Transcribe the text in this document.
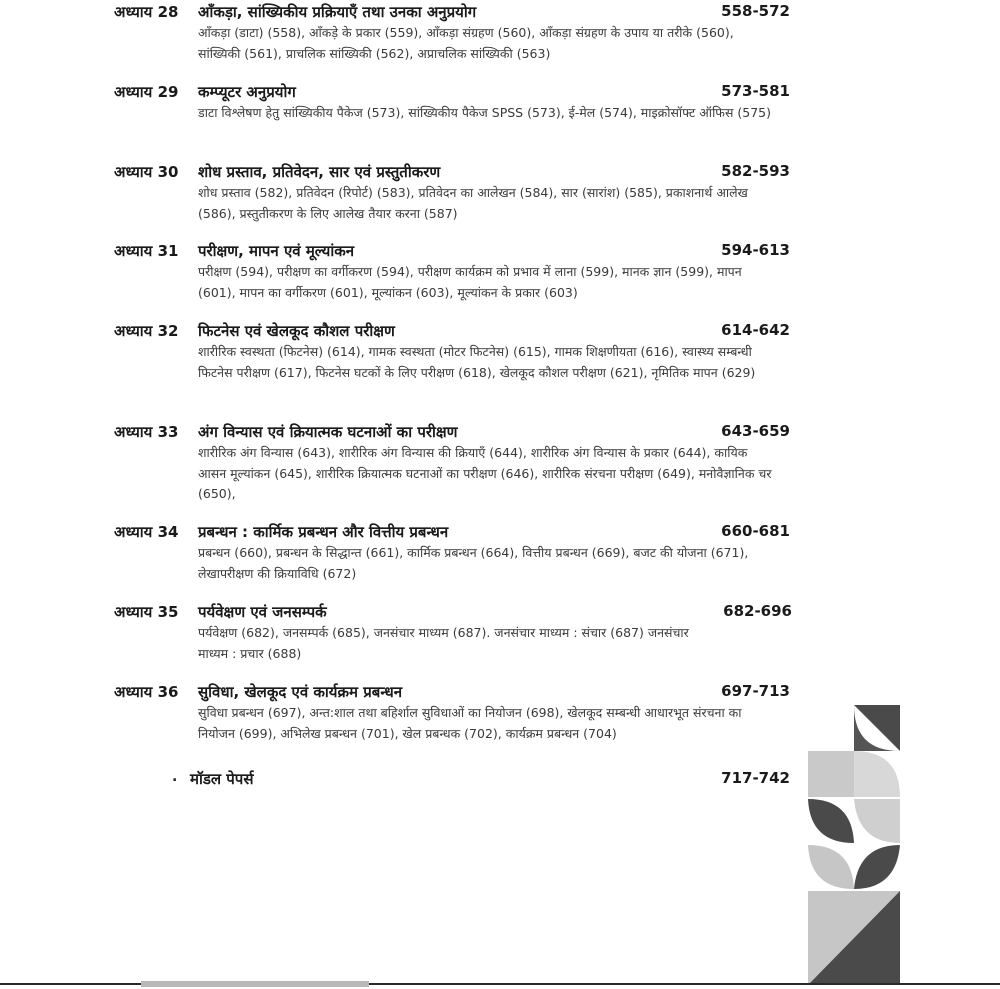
अध्याय 28 आँकड़ा, सांख्यिकीय प्रक्रियाएँ तथा उनका अनुप्रयोग	558-572
आँकड़ा (डाटा) (558), आँकड़े के प्रकार (559), आँकड़ा संग्रहण (560), आँकड़ा संग्रहण के उपाय या तरीके (560), सांख्यिकी (561), प्राचलिक सांख्यिकी (562), अप्राचलिक सांख्यिकी (563)
अध्याय 29 कम्प्यूटर अनुप्रयोग	573-581
डाटा विश्लेषण हेतु सांख्यिकीय पैकेज (573), सांख्यिकीय पैकेज SPSS (573), ई-मेल (574), माइक्रोसॉफ्ट ऑफिस (575)
अध्याय 30 शोध प्रस्ताव, प्रतिवेदन, सार एवं प्रस्तुतीकरण	582-593
शोध प्रस्ताव (582), प्रतिवेदन (रिपोर्ट) (583), प्रतिवेदन का आलेखन (584), सार (सारांश) (585), प्रकाशनार्थ आलेख (586), प्रस्तुतीकरण के लिए आलेख तैयार करना (587)
अध्याय 31 परीक्षण, मापन एवं मूल्यांकन	594-613
परीक्षण (594), परीक्षण का वर्गीकरण (594), परीक्षण कार्यक्रम को प्रभाव में लाना (599), मानक ज्ञान (599), मापन (601), मापन का वर्गीकरण (601), मूल्यांकन (603), मूल्यांकन के प्रकार (603)
अध्याय 32 फिटनेस एवं खेलकूद कौशल परीक्षण	614-642
शारीरिक स्वस्थता (फिटनेस) (614), गामक स्वस्थता (मोटर फिटनेस) (615), गामक शिक्षणीयता (616), स्वास्थ्य सम्बन्धी फिटनेस परीक्षण (617), फिटनेस घटकों के लिए परीक्षण (618), खेलकूद कौशल परीक्षण (621), नृमितिक मापन (629)
अध्याय 33 अंग विन्यास एवं क्रियात्मक घटनाओं का परीक्षण	643-659
शारीरिक अंग विन्यास (643), शारीरिक अंग विन्यास की क्रियाएँ (644), शारीरिक अंग विन्यास के प्रकार (644), कायिक आसन मूल्यांकन (645), शारीरिक क्रियात्मक घटनाओं का परीक्षण (646), शारीरिक संरचना परीक्षण (649), मनोवैज्ञानिक चर (650),
अध्याय 34 प्रबन्धन : कार्मिक प्रबन्धन और वित्तीय प्रबन्धन	660-681
प्रबन्धन (660), प्रबन्धन के सिद्धान्त (661), कार्मिक प्रबन्धन (664), वित्तीय प्रबन्धन (669), बजट की योजना (671), लेखापरीक्षण की क्रियाविधि (672)
अध्याय 35 पर्यवेक्षण एवं जनसम्पर्क	682-696
पर्यवेक्षण (682), जनसम्पर्क (685), जनसंचार माध्यम (687). जनसंचार माध्यम : संचार (687) जनसंचार माध्यम : प्रचार (688)
अध्याय 36 सुविधा, खेलकूद एवं कार्यक्रम प्रबन्धन	697-713
सुविधा प्रबन्धन (697), अन्त:शाल तथा बहिर्शाल सुविधाओं का नियोजन (698), खेलकूद सम्बन्धी आधारभूत संरचना का नियोजन (699), अभिलेख प्रबन्धन (701), खेल प्रबन्धक (702), कार्यक्रम प्रबन्धन (704)
. मॉडल पेपर्स	717-742
